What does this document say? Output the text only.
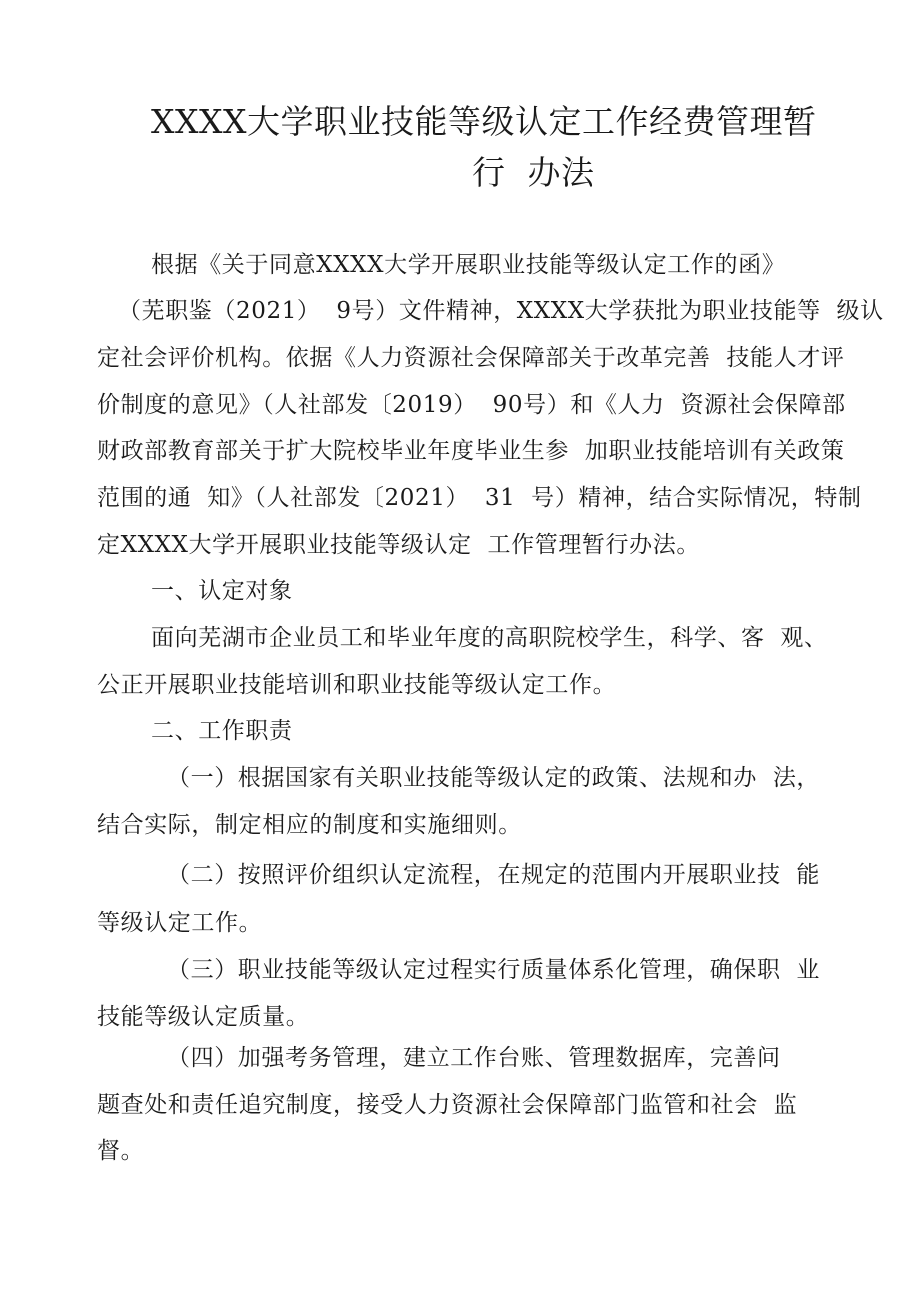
XXXX大学职业技能等级认定工作经费管理暂
行  办法
根据《关于同意XXXX大学开展职业技能等级认定工作的函》
（芜职鉴（2021）  9号）文件精神，XXXX大学获批为职业技能等  级认
定社会评价机构。依据《人力资源社会保障部关于改革完善  技能人才评
价制度的意见》（人社部发〔2019）  90号）和《人力  资源社会保障部
财政部教育部关于扩大院校毕业年度毕业生参  加职业技能培训有关政策
范围的通  知》（人社部发〔2021）  31  号）精神，结合实际情况，特制
定XXXX大学开展职业技能等级认定  工作管理暂行办法。
一、认定对象
面向芜湖市企业员工和毕业年度的高职院校学生，科学、客  观、
公正开展职业技能培训和职业技能等级认定工作。
二、工作职责
（一）根据国家有关职业技能等级认定的政策、法规和办  法，
结合实际，制定相应的制度和实施细则。
（二）按照评价组织认定流程，在规定的范围内开展职业技  能
等级认定工作。
（三）职业技能等级认定过程实行质量体系化管理，确保职  业
技能等级认定质量。
（四）加强考务管理，建立工作台账、管理数据库，完善问
题查处和责任追究制度，接受人力资源社会保障部门监管和社会  监
督。
